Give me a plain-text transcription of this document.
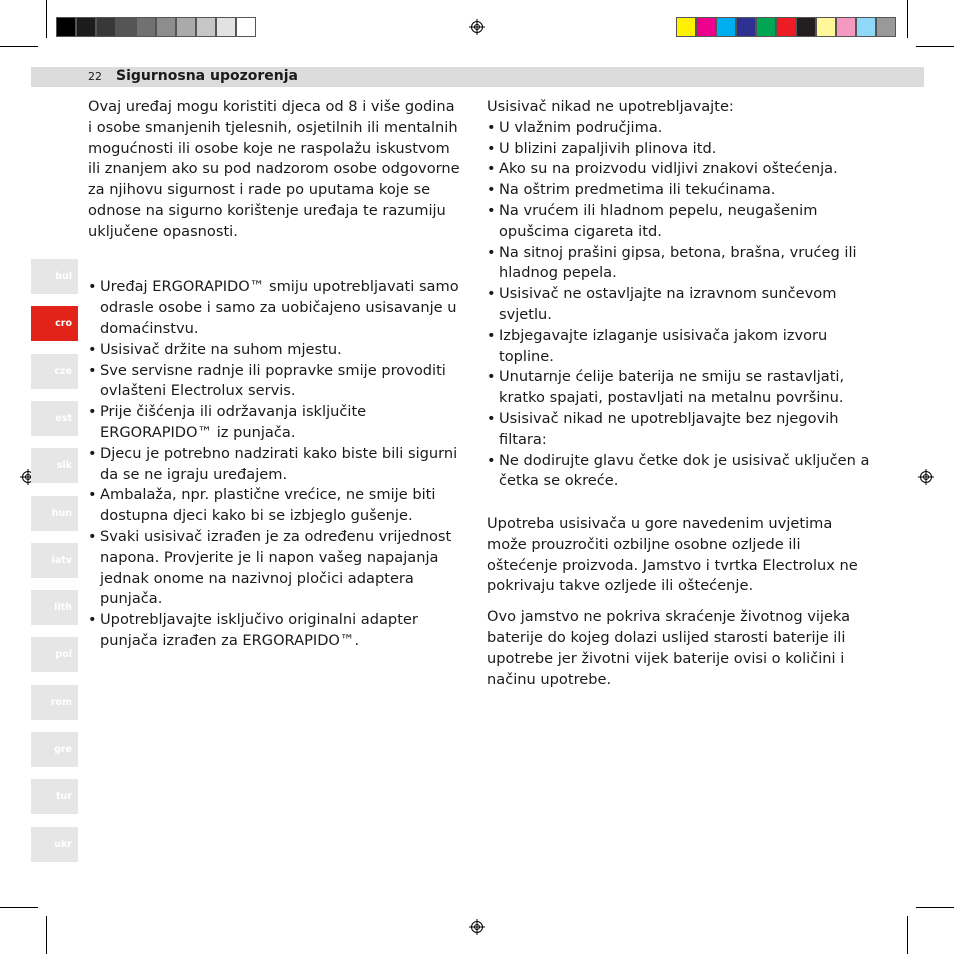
22 Sigurnosna upozorenja

Ovaj uređaj mogu koristiti djeca od 8 i više godina i osobe smanjenih tjelesnih, osjetilnih ili mentalnih mogućnosti ili osobe koje ne raspolažu iskustvom ili znanjem ako su pod nadzorom osobe odgovorne za njihovu sigurnost i rade po uputama koje se odnose na sigurno korištenje uređaja te razumiju uključene opasnosti.

• Uređaj ERGORAPIDO™ smiju upotrebljavati samo odrasle osobe i samo za uobičajeno usisavanje u domaćinstvu.
• Usisivač držite na suhom mjestu.
• Sve servisne radnje ili popravke smije provoditi ovlašteni Electrolux servis.
• Prije čišćenja ili održavanja isključite ERGORAPIDO™ iz punjača.
• Djecu je potrebno nadzirati kako biste bili sigurni da se ne igraju uređajem.
• Ambalaža, npr. plastične vrećice, ne smije biti dostupna djeci kako bi se izbjeglo gušenje.
• Svaki usisivač izrađen je za određenu vrijednost napona. Provjerite je li napon vašeg napajanja jednak onome na nazivnoj pločici adaptera punjača.
• Upotrebljavajte isključivo originalni adapter punjača izrađen za ERGORAPIDO™.

Usisivač nikad ne upotrebljavajte:

• U vlažnim područjima.
• U blizini zapaljivih plinova itd.
• Ako su na proizvodu vidljivi znakovi oštećenja.
• Na oštrim predmetima ili tekućinama.
• Na vrućem ili hladnom pepelu, neugašenim opušcima cigareta itd.
• Na sitnoj prašini gipsa, betona, brašna, vrućeg ili hladnog pepela.
• Usisivač ne ostavljajte na izravnom sunčevom svjetlu.
• Izbjegavajte izlaganje usisivača jakom izvoru topline.
• Unutarnje ćelije baterija ne smiju se rastavljati, kratko spajati, postavljati na metalnu površinu.
• Usisivač nikad ne upotrebljavajte bez njegovih filtara:
• Ne dodirujte glavu četke dok je usisivač uključen a četka se okreće.

Upotreba usisivača u gore navedenim uvjetima može prouzročiti ozbiljne osobne ozljede ili oštećenje proizvoda. Jamstvo i tvrtka Electrolux ne pokrivaju takve ozljede ili oštećenje.

Ovo jamstvo ne pokriva skraćenje životnog vijeka baterije do kojeg dolazi uslijed starosti baterije ili upotrebe jer životni vijek baterije ovisi o količini i načinu upotrebe.

bul
cro
cze
est
slk
hun
latv
lith
pol
rom
gre
tur
ukr
